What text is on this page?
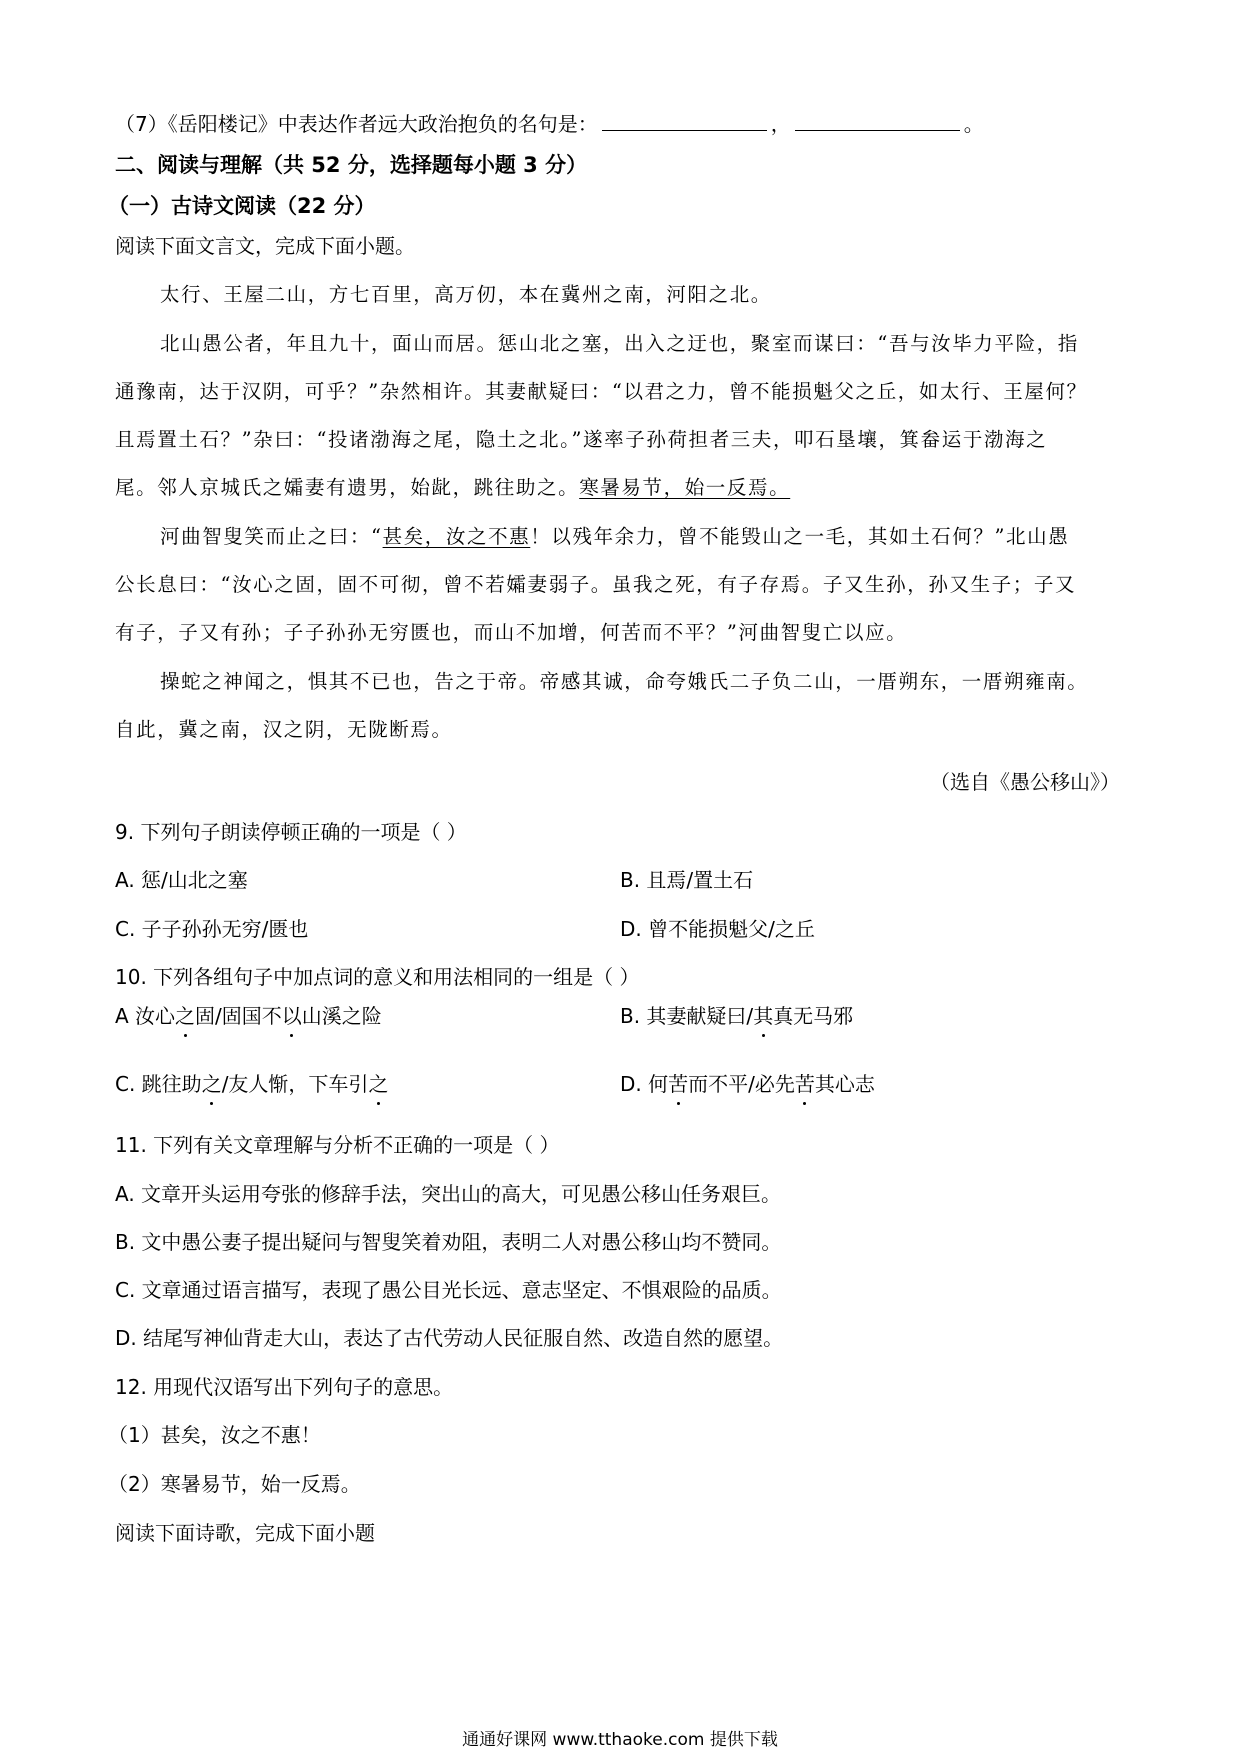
（7）《岳阳楼记》中表达作者远大政治抱负的名句是：	，	。
二、阅读与理解（共 52 分，选择题每小题 3 分）
（一）古诗文阅读（22 分）
阅读下面文言文，完成下面小题。
太行、王屋二山，方七百里，高万仞，本在冀州之南，河阳之北。
北山愚公者，年且九十，面山而居。惩山北之塞，出入之迂也，聚室而谋曰：“吾与汝毕力平险，指
通豫南，达于汉阴，可乎？”杂然相许。其妻献疑曰：“以君之力，曾不能损魁父之丘，如太行、王屋何？
且焉置土石？”杂曰：“投诸渤海之尾，隐土之北。”遂率子孙荷担者三夫，叩石垦壤，箕畚运于渤海之
尾。邻人京城氏之孀妻有遗男，始龀，跳往助之。寒暑易节，始一反焉。
河曲智叟笑而止之曰：“甚矣，汝之不惠！以残年余力，曾不能毁山之一毛，其如土石何？”北山愚
公长息曰：“汝心之固，固不可彻，曾不若孀妻弱子。虽我之死，有子存焉。子又生孙，孙又生子；子又
有子，子又有孙；子子孙孙无穷匮也，而山不加增，何苦而不平？”河曲智叟亡以应。
操蛇之神闻之，惧其不已也，告之于帝。帝感其诚，命夸娥氏二子负二山，一厝朔东，一厝朔雍南。
自此，冀之南，汉之阴，无陇断焉。
（选自《愚公移山》）
9. 下列句子朗读停顿正确的一项是（ ）
A. 惩/山北之塞	B. 且焉/置土石
C. 子子孙孙无穷/匮也	D. 曾不能损魁父/之丘
10. 下列各组句子中加点词的意义和用法相同的一组是（ ）
A 汝心之固/固国不以山溪之险	B. 其妻献疑曰/其真无马邪
C. 跳往助之/友人惭，下车引之	D. 何苦而不平/必先苦其心志
11. 下列有关文章理解与分析不正确的一项是（ ）
A. 文章开头运用夸张的修辞手法，突出山的高大，可见愚公移山任务艰巨。
B. 文中愚公妻子提出疑问与智叟笑着劝阻，表明二人对愚公移山均不赞同。
C. 文章通过语言描写，表现了愚公目光长远、意志坚定、不惧艰险的品质。
D. 结尾写神仙背走大山，表达了古代劳动人民征服自然、改造自然的愿望。
12. 用现代汉语写出下列句子的意思。
（1）甚矣，汝之不惠！
（2）寒暑易节，始一反焉。
阅读下面诗歌，完成下面小题
通通好课网 www.tthaoke.com 提供下载
